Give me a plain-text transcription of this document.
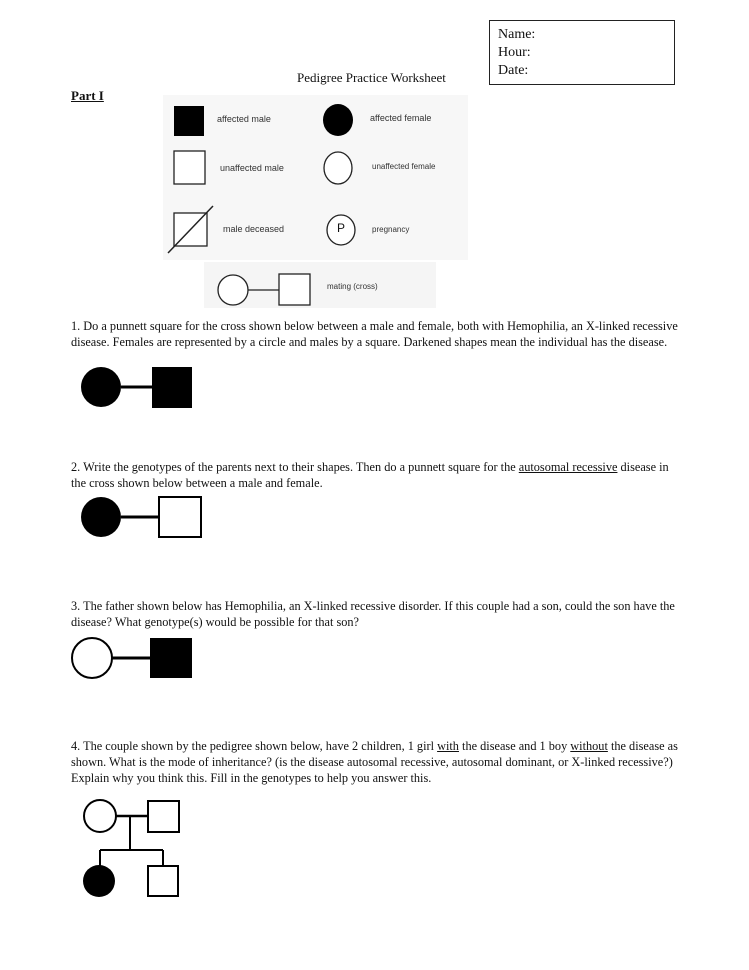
Name:
Hour:
Date:
Pedigree Practice Worksheet
Part I
P
affected male	affected female
unaffected male	unaffected female
male deceased	pregnancy
mating (cross)
1. Do a punnett square for the cross shown below between a male and female, both with Hemophilia, an X-linked recessive disease. Females are represented by a circle and males by a square. Darkened shapes mean the individual has the disease.
2. Write the genotypes of the parents next to their shapes. Then do a punnett square for the autosomal recessive disease in the cross shown below between a male and female.
3. The father shown below has Hemophilia, an X-linked recessive disorder. If this couple had a son, could the son have the disease? What genotype(s) would be possible for that son?
4. The couple shown by the pedigree shown below, have 2 children, 1 girl with the disease and 1 boy without the disease as shown. What is the mode of inheritance? (is the disease autosomal recessive, autosomal dominant, or X-linked recessive?) Explain why you think this. Fill in the genotypes to help you answer this.
